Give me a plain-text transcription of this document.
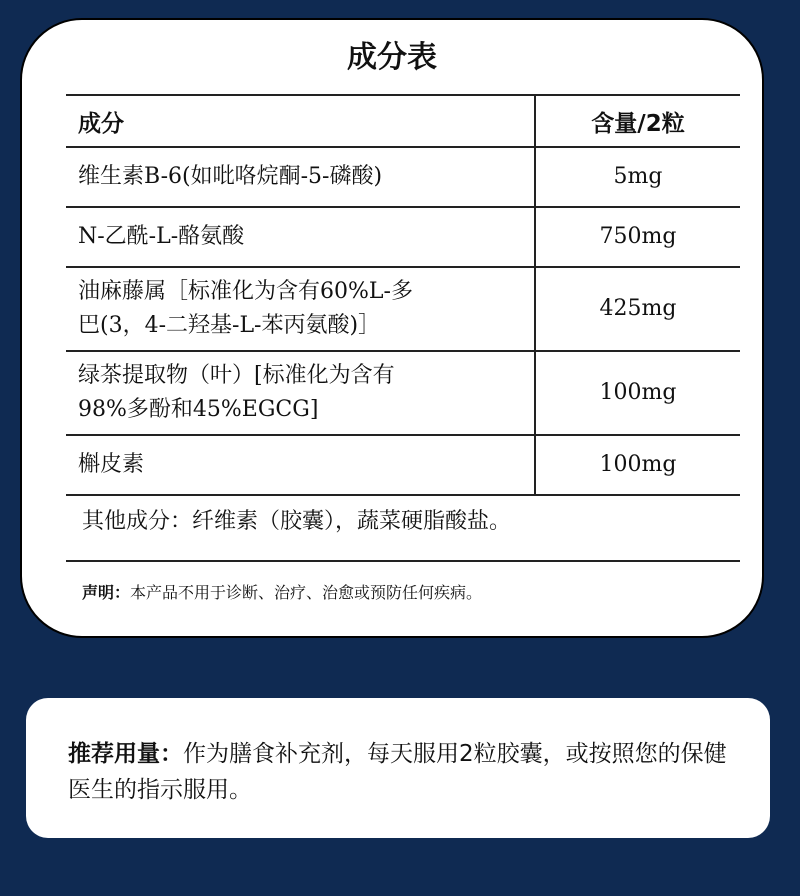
成分表
成分	含量/2粒
维生素B-6(如吡咯烷酮-5-磷酸)	5mg
N-乙酰-L-酪氨酸	750mg

油麻藤属［标准化为含有60%L-多
巴(3，4-二羟基-L-苯丙氨酸)］	425mg

绿茶提取物（叶）[标准化为含有
98%多酚和45%EGCG]	100mg
槲皮素	100mg
其他成分：纤维素（胶囊），蔬菜硬脂酸盐。
声明：本产品不用于诊断、治疗、治愈或预防任何疾病。

推荐用量：作为膳食补充剂，每天服用2粒胶囊，或按照您的保健医生的指示服用。
